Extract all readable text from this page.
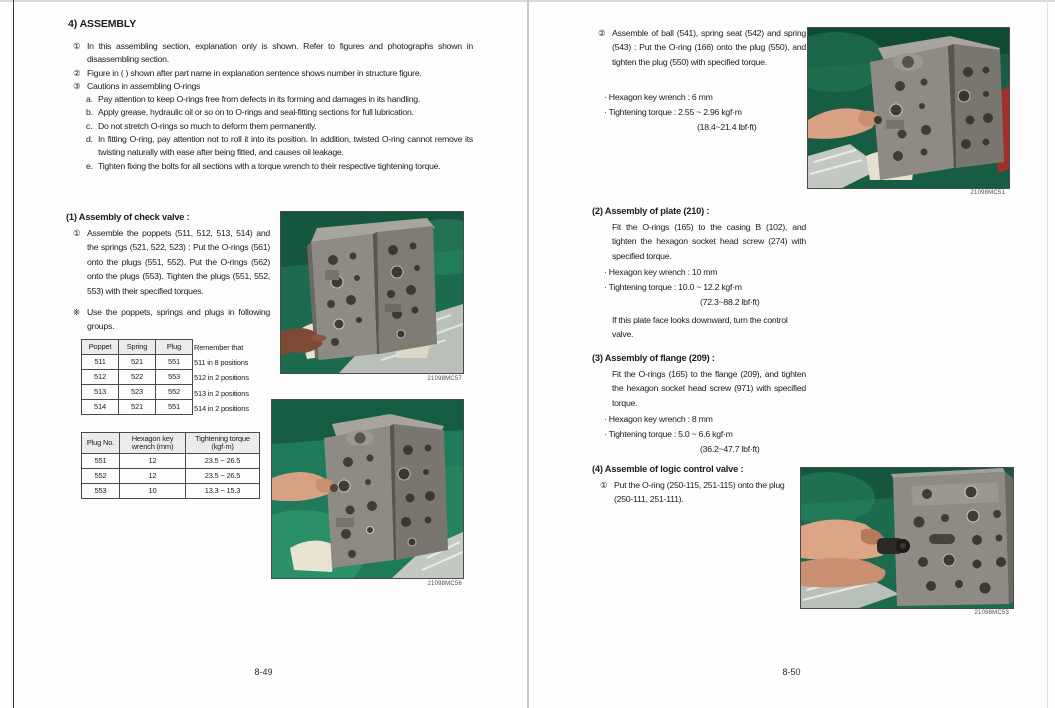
4) ASSEMBLY
① In this assembling section, explanation only is shown. Refer to figures and photographs shown in disassembling section.
② Figure in ( ) shown after part name in explanation sentence shows number in structure figure.
③ Cautions in assembling O-rings
a. Pay attention to keep O-rings free from defects in its forming and damages in its handling.
b. Apply grease, hydraulic oil or so on to O-rings and seal-fitting sections for full lubrication.
c. Do not stretch O-rings so much to deform them permanently.
d. In fitting O-ring, pay attention not to roll it into its position. In addition, twisted O-ring cannot remove its twisting naturally with ease after being fitted, and causes oil leakage.
e. Tighten fixing the bolts for all sections with a torque wrench to their respective tightening torque.
(1) Assembly of check valve :
① Assemble the poppets (511, 512, 513, 514) and the springs (521, 522, 523) : Put the O-rings (561) onto the plugs (551, 552). Put the O-rings (562) onto the plugs (553). Tighten the plugs (551, 552, 553) with their specified torques.
※ Use the poppets, springs and plugs in following groups.
Poppet	Spring	Plug
511	521	551
512	522	553
513	523	552
514	521	551
Remember that
511 in 8 positions
512 in 2 positions
513 in 2 positions
514 in 2 positions
Plug No.	Hexagon key wrench (mm)	Tightening torque (kgf·m)
551	12	23.5 ~ 26.5
552	12	23.5 ~ 26.5
553	10	13.3 ~ 15.3
21098MC57
21098MC56
8-49
② Assemble of ball (541), spring seat (542) and spring (543) : Put the O-ring (166) onto the plug (550), and tighten the plug (550) with specified torque.
· Hexagon key wrench : 6 mm
· Tightening torque : 2.55 ~ 2.96 kgf·m
(18.4~21.4 lbf·ft)
21098MC51
(2) Assembly of plate (210) :
Fit the O-rings (165) to the casing B (102), and tighten the hexagon socket head screw (274) with specified torque.
· Hexagon key wrench : 10 mm
· Tightening torque : 10.0 ~ 12.2 kgf·m
(72.3~88.2 lbf·ft)
If this plate face looks downward, turn the control valve.
(3) Assembly of flange (209) :
Fit the O-rings (165) to the flange (209), and tighten the hexagon socket head screw (971) with specified torque.
· Hexagon key wrench : 8 mm
· Tightening torque : 5.0 ~ 6.6 kgf·m
(36.2~47.7 lbf·ft)
(4) Assemble of logic control valve :
① Put the O-ring (250-115, 251-115) onto the plug (250-111, 251-111).
21098MC53
8-50
